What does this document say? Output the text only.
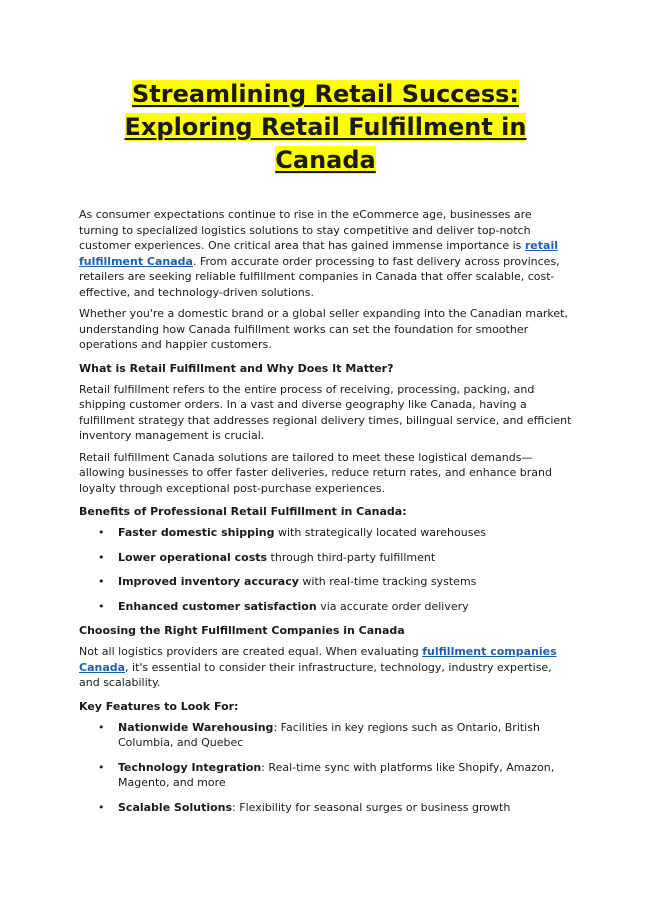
Streamlining Retail Success: Exploring Retail Fulfillment in Canada

As consumer expectations continue to rise in the eCommerce age, businesses are turning to specialized logistics solutions to stay competitive and deliver top-notch customer experiences. One critical area that has gained immense importance is retail fulfillment Canada. From accurate order processing to fast delivery across provinces, retailers are seeking reliable fulfillment companies in Canada that offer scalable, cost-effective, and technology-driven solutions.

Whether you're a domestic brand or a global seller expanding into the Canadian market, understanding how Canada fulfillment works can set the foundation for smoother operations and happier customers.

What is Retail Fulfillment and Why Does It Matter?

Retail fulfillment refers to the entire process of receiving, processing, packing, and shipping customer orders. In a vast and diverse geography like Canada, having a fulfillment strategy that addresses regional delivery times, bilingual service, and efficient inventory management is crucial.

Retail fulfillment Canada solutions are tailored to meet these logistical demands—allowing businesses to offer faster deliveries, reduce return rates, and enhance brand loyalty through exceptional post-purchase experiences.

Benefits of Professional Retail Fulfillment in Canada:
• Faster domestic shipping with strategically located warehouses
• Lower operational costs through third-party fulfillment
• Improved inventory accuracy with real-time tracking systems
• Enhanced customer satisfaction via accurate order delivery
Choosing the Right Fulfillment Companies in Canada

Not all logistics providers are created equal. When evaluating fulfillment companies Canada, it's essential to consider their infrastructure, technology, industry expertise, and scalability.

Key Features to Look For:
• Nationwide Warehousing: Facilities in key regions such as Ontario, British Columbia, and Quebec
• Technology Integration: Real-time sync with platforms like Shopify, Amazon, Magento, and more
• Scalable Solutions: Flexibility for seasonal surges or business growth
